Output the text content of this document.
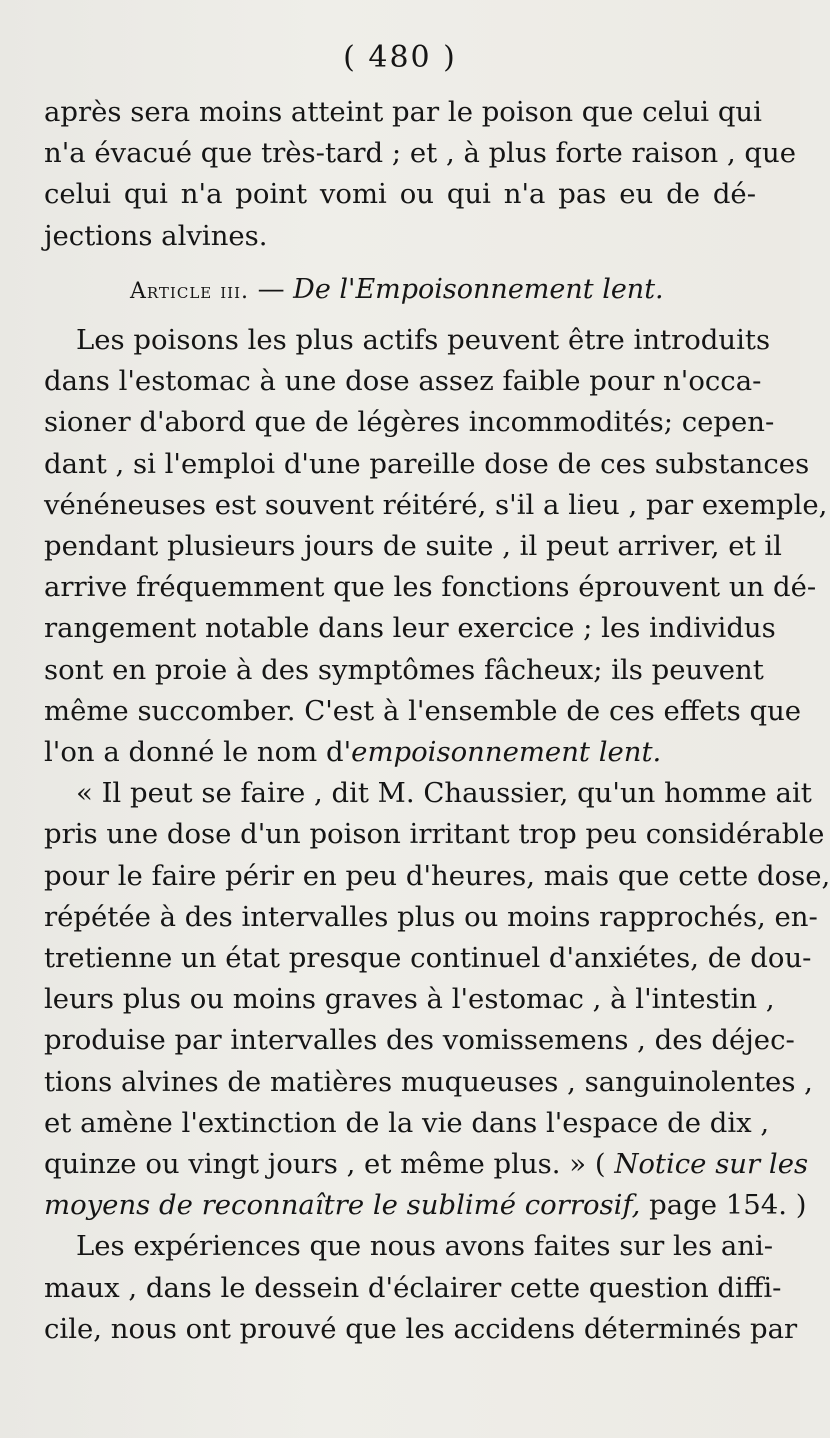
( 480 )
après sera moins atteint par le poison que celui qui
n'a évacué que très-tard ; et , à plus forte raison , que
celui qui n'a point vomi ou qui n'a pas eu de dé-
jections alvines.
Article iii. — De l'Empoisonnement lent.
Les poisons les plus actifs peuvent être introduits
dans l'estomac à une dose assez faible pour n'occa-
sioner d'abord que de légères incommodités; cepen-
dant , si l'emploi d'une pareille dose de ces substances
vénéneuses est souvent réitéré, s'il a lieu , par exemple,
pendant plusieurs jours de suite , il peut arriver, et il
arrive fréquemment que les fonctions éprouvent un dé-
rangement notable dans leur exercice ; les individus
sont en proie à des symptômes fâcheux; ils peuvent
même succomber. C'est à l'ensemble de ces effets que
l'on a donné le nom d'empoisonnement lent.
« Il peut se faire , dit M. Chaussier, qu'un homme ait
pris une dose d'un poison irritant trop peu considérable
pour le faire périr en peu d'heures, mais que cette dose,
répétée à des intervalles plus ou moins rapprochés, en-
tretienne un état presque continuel d'anxiétes, de dou-
leurs plus ou moins graves à l'estomac , à l'intestin ,
produise par intervalles des vomissemens , des déjec-
tions alvines de matières muqueuses , sanguinolentes ,
et amène l'extinction de la vie dans l'espace de dix ,
quinze ou vingt jours , et même plus. » ( Notice sur les
moyens de reconnaître le sublimé corrosif, page 154. )
Les expériences que nous avons faites sur les ani-
maux , dans le dessein d'éclairer cette question diffi-
cile, nous ont prouvé que les accidens déterminés par
